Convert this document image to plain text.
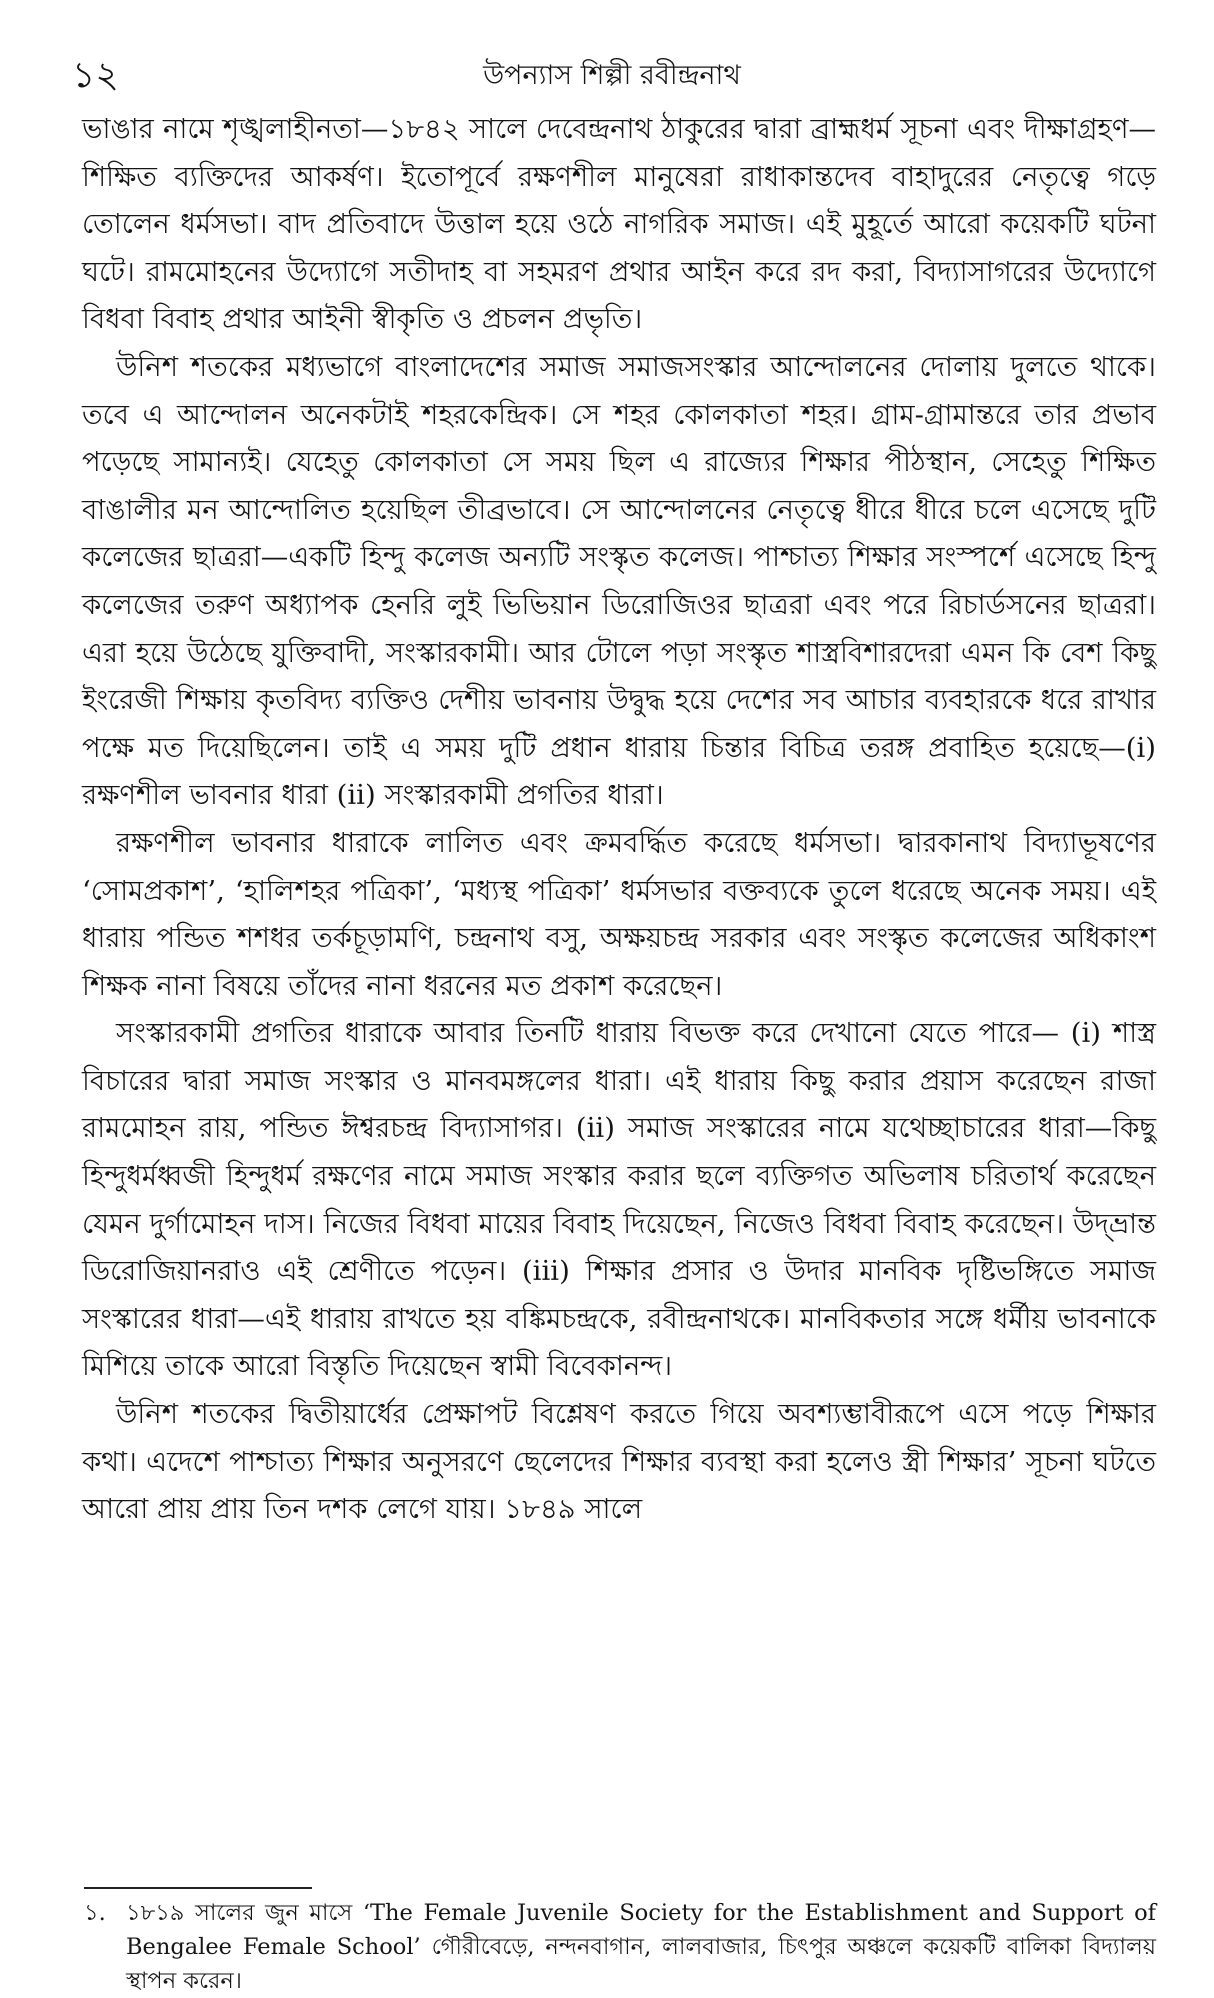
১২	উপন্যাস শিল্পী রবীন্দ্রনাথ

ভাঙার নামে শৃঙ্খলাহীনতা—১৮৪২ সালে দেবেন্দ্রনাথ ঠাকুরের দ্বারা ব্রাহ্মধর্ম সূচনা এবং দীক্ষাগ্রহণ— শিক্ষিত ব্যক্তিদের আকর্ষণ। ইতোপূর্বে রক্ষণশীল মানুষেরা রাধাকান্তদেব বাহাদুরের নেতৃত্বে গড়ে তোলেন ধর্মসভা। বাদ প্রতিবাদে উত্তাল হয়ে ওঠে নাগরিক সমাজ। এই মুহূর্তে আরো কয়েকটি ঘটনা ঘটে। রামমোহনের উদ্যোগে সতীদাহ বা সহমরণ প্রথার আইন করে রদ করা, বিদ্যাসাগরের উদ্যোগে বিধবা বিবাহ প্রথার আইনী স্বীকৃতি ও প্রচলন প্রভৃতি।

উনিশ শতকের মধ্যভাগে বাংলাদেশের সমাজ সমাজসংস্কার আন্দোলনের দোলায় দুলতে থাকে। তবে এ আন্দোলন অনেকটাই শহরকেন্দ্রিক। সে শহর কোলকাতা শহর। গ্রাম-গ্রামান্তরে তার প্রভাব পড়েছে সামান্যই। যেহেতু কোলকাতা সে সময় ছিল এ রাজ্যের শিক্ষার পীঠস্থান, সেহেতু শিক্ষিত বাঙালীর মন আন্দোলিত হয়েছিল তীব্রভাবে। সে আন্দোলনের নেতৃত্বে ধীরে ধীরে চলে এসেছে দুটি কলেজের ছাত্ররা—একটি হিন্দু কলেজ অন্যটি সংস্কৃত কলেজ। পাশ্চাত্য শিক্ষার সংস্পর্শে এসেছে হিন্দু কলেজের তরুণ অধ্যাপক হেনরি লুই ভিভিয়ান ডিরোজিওর ছাত্ররা এবং পরে রিচার্ডসনের ছাত্ররা। এরা হয়ে উঠেছে যুক্তিবাদী, সংস্কারকামী। আর টোলে পড়া সংস্কৃত শাস্ত্রবিশারদেরা এমন কি বেশ কিছু ইংরেজী শিক্ষায় কৃতবিদ্য ব্যক্তিও দেশীয় ভাবনায় উদ্বুদ্ধ হয়ে দেশের সব আচার ব্যবহারকে ধরে রাখার পক্ষে মত দিয়েছিলেন। তাই এ সময় দুটি প্রধান ধারায় চিন্তার বিচিত্র তরঙ্গ প্রবাহিত হয়েছে—(i) রক্ষণশীল ভাবনার ধারা (ii) সংস্কারকামী প্রগতির ধারা।

রক্ষণশীল ভাবনার ধারাকে লালিত এবং ক্রমবর্দ্ধিত করেছে ধর্মসভা। দ্বারকানাথ বিদ্যাভূষণের ‘সোমপ্রকাশ’, ‘হালিশহর পত্রিকা’, ‘মধ্যস্থ পত্রিকা’ ধর্মসভার বক্তব্যকে তুলে ধরেছে অনেক সময়। এই ধারায় পন্ডিত শশধর তর্কচূড়ামণি, চন্দ্রনাথ বসু, অক্ষয়চন্দ্র সরকার এবং সংস্কৃত কলেজের অধিকাংশ শিক্ষক নানা বিষয়ে তাঁদের নানা ধরনের মত প্রকাশ করেছেন।

সংস্কারকামী প্রগতির ধারাকে আবার তিনটি ধারায় বিভক্ত করে দেখানো যেতে পারে— (i) শাস্ত্র বিচারের দ্বারা সমাজ সংস্কার ও মানবমঙ্গলের ধারা। এই ধারায় কিছু করার প্রয়াস করেছেন রাজা রামমোহন রায়, পন্ডিত ঈশ্বরচন্দ্র বিদ্যাসাগর। (ii) সমাজ সংস্কারের নামে যথেচ্ছাচারের ধারা—কিছু হিন্দুধর্মধ্বজী হিন্দুধর্ম রক্ষণের নামে সমাজ সংস্কার করার ছলে ব্যক্তিগত অভিলাষ চরিতার্থ করেছেন যেমন দুর্গামোহন দাস। নিজের বিধবা মায়ের বিবাহ দিয়েছেন, নিজেও বিধবা বিবাহ করেছেন। উদ্‌ভ্রান্ত ডিরোজিয়ানরাও এই শ্রেণীতে পড়েন। (iii) শিক্ষার প্রসার ও উদার মানবিক দৃষ্টিভঙ্গিতে সমাজ সংস্কারের ধারা—এই ধারায় রাখতে হয় বঙ্কিমচন্দ্রকে, রবীন্দ্রনাথকে। মানবিকতার সঙ্গে ধর্মীয় ভাবনাকে মিশিয়ে তাকে আরো বিস্তৃতি দিয়েছেন স্বামী বিবেকানন্দ।

উনিশ শতকের দ্বিতীয়ার্ধের প্রেক্ষাপট বিশ্লেষণ করতে গিয়ে অবশ্যম্ভাবীরূপে এসে পড়ে শিক্ষার কথা। এদেশে পাশ্চাত্য শিক্ষার অনুসরণে ছেলেদের শিক্ষার ব্যবস্থা করা হলেও স্ত্রী শিক্ষার’ সূচনা ঘটতে আরো প্রায় প্রায় তিন দশক লেগে যায়। ১৮৪৯ সালে

১. ১৮১৯ সালের জুন মাসে ‘The Female Juvenile Society for the Establishment and Support of Bengalee Female School’ গৌরীবেড়ে, নন্দনবাগান, লালবাজার, চিৎপুর অঞ্চলে কয়েকটি বালিকা বিদ্যালয় স্থাপন করেন।
